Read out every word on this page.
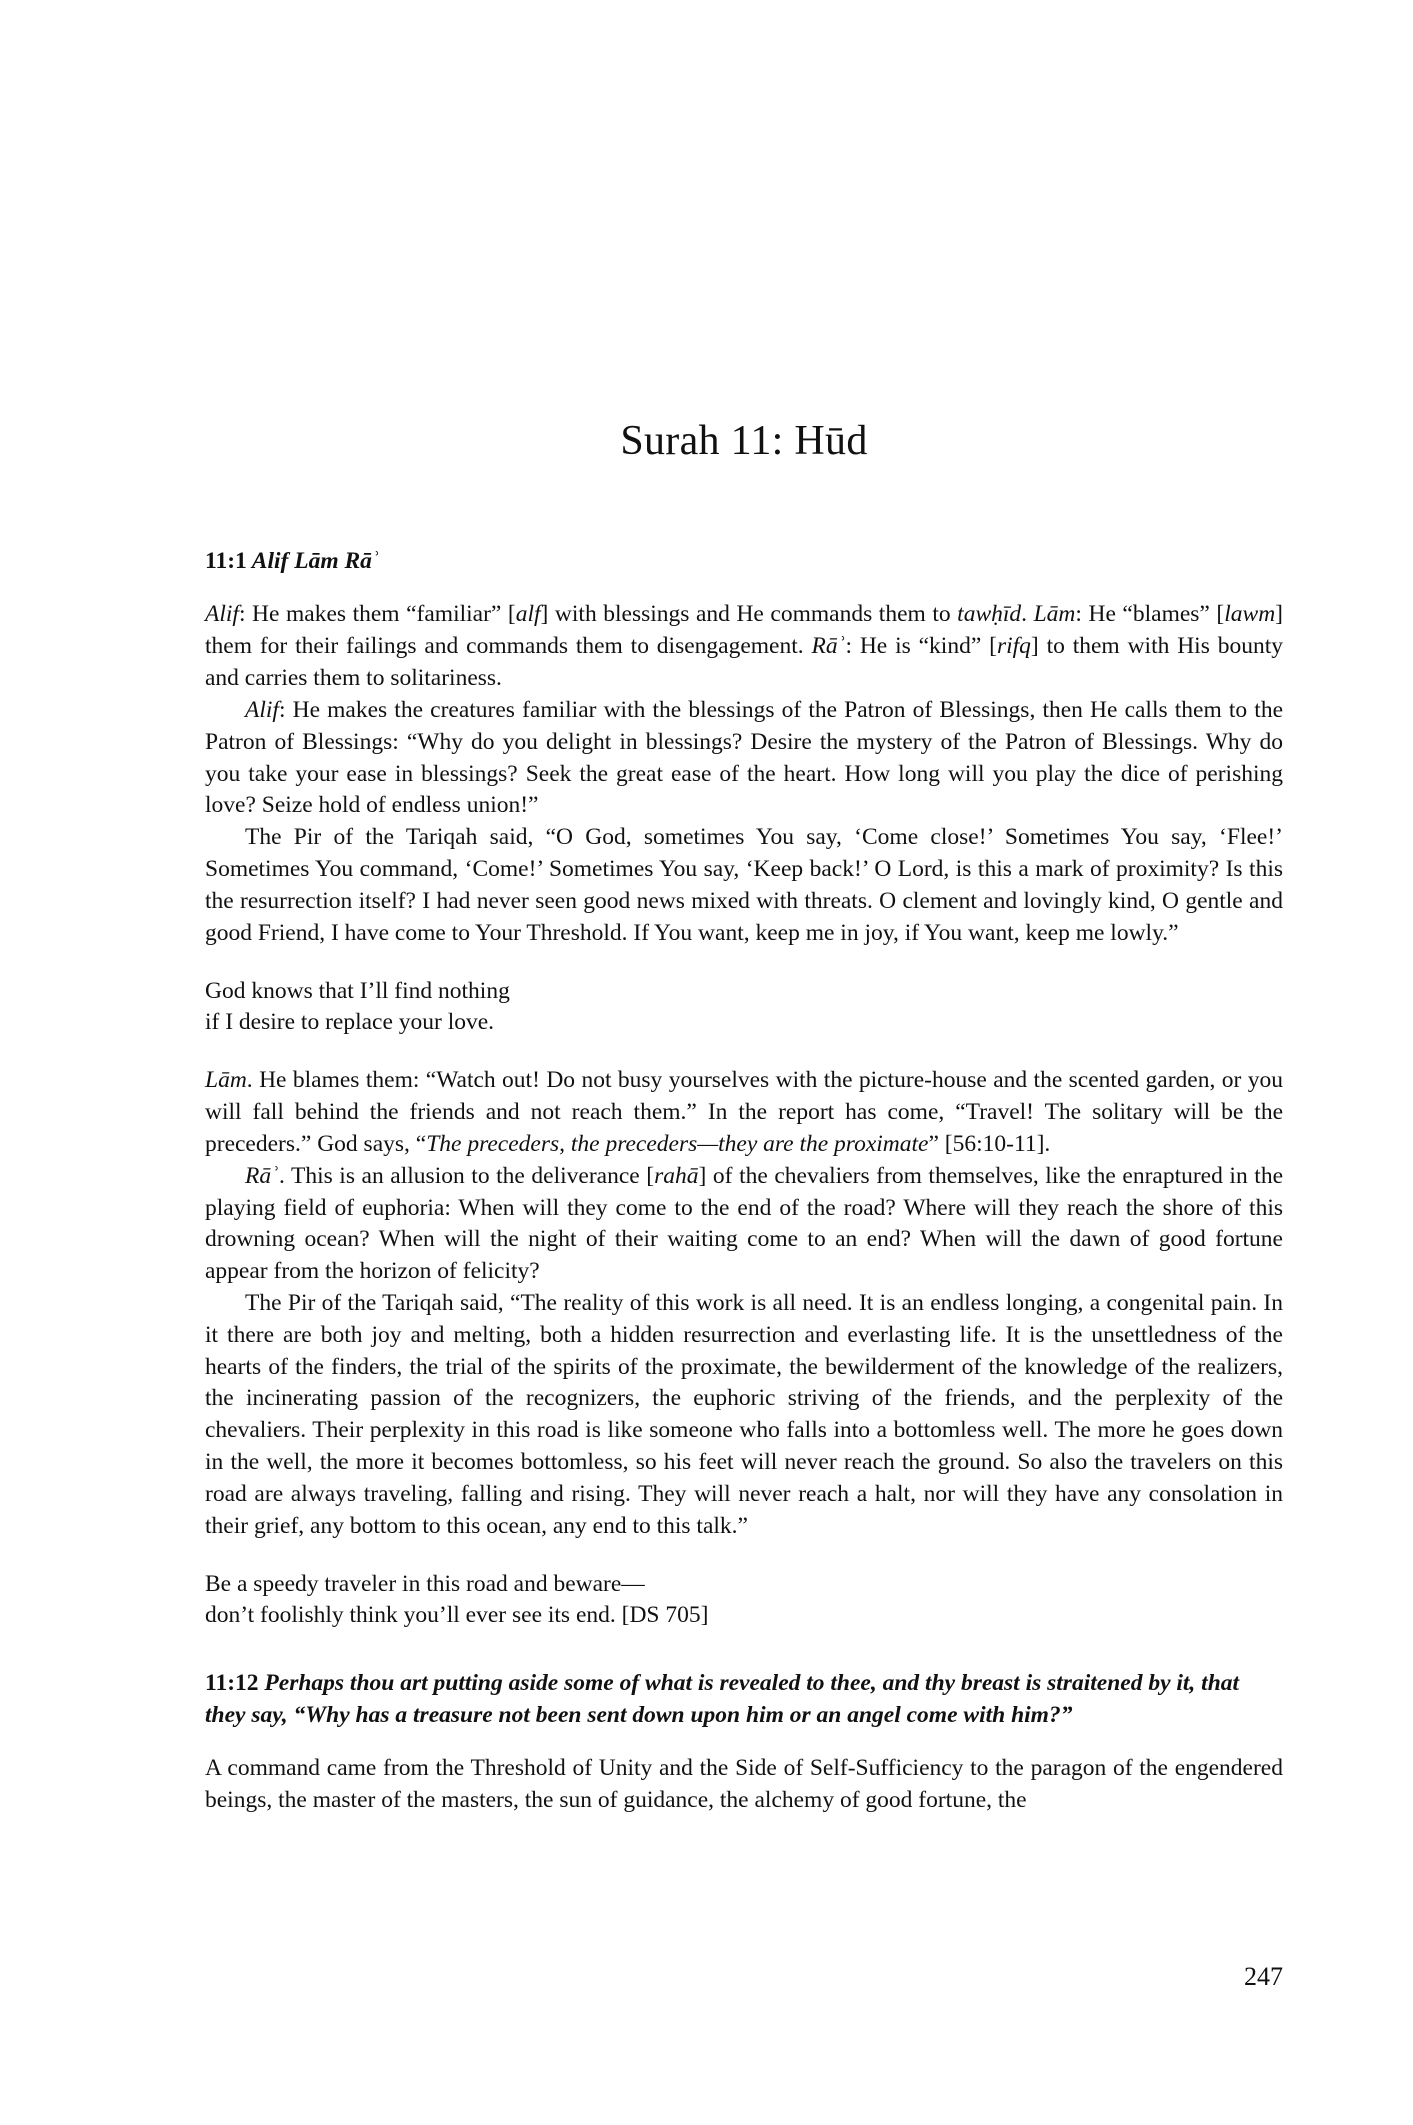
Surah 11: Hūd

11:1 Alif Lām Rāʾ

Alif: He makes them “familiar” [alf] with blessings and He commands them to tawḥīd. Lām: He “blames” [lawm] them for their failings and commands them to disengagement. Rāʾ: He is “kind” [rifq] to them with His bounty and carries them to solitariness.

Alif: He makes the creatures familiar with the blessings of the Patron of Blessings, then He calls them to the Patron of Blessings: “Why do you delight in blessings? Desire the mystery of the Patron of Blessings. Why do you take your ease in blessings? Seek the great ease of the heart. How long will you play the dice of perishing love? Seize hold of endless union!”

The Pir of the Tariqah said, “O God, sometimes You say, ‘Come close!’ Sometimes You say, ‘Flee!’ Sometimes You command, ‘Come!’ Sometimes You say, ‘Keep back!’ O Lord, is this a mark of proximity? Is this the resurrection itself? I had never seen good news mixed with threats. O clement and lovingly kind, O gentle and good Friend, I have come to Your Threshold. If You want, keep me in joy, if You want, keep me lowly.”

God knows that I’ll find nothing
if I desire to replace your love.

Lām. He blames them: “Watch out! Do not busy yourselves with the picture-house and the scented garden, or you will fall behind the friends and not reach them.” In the report has come, “Travel! The solitary will be the preceders.” God says, “The preceders, the preceders—they are the proximate” [56:10-11].

Rāʾ. This is an allusion to the deliverance [rahā] of the chevaliers from themselves, like the enraptured in the playing field of euphoria: When will they come to the end of the road? Where will they reach the shore of this drowning ocean? When will the night of their waiting come to an end? When will the dawn of good fortune appear from the horizon of felicity?

The Pir of the Tariqah said, “The reality of this work is all need. It is an endless longing, a congenital pain. In it there are both joy and melting, both a hidden resurrection and everlasting life. It is the unsettledness of the hearts of the finders, the trial of the spirits of the proximate, the bewilderment of the knowledge of the realizers, the incinerating passion of the recognizers, the euphoric striving of the friends, and the perplexity of the chevaliers. Their perplexity in this road is like someone who falls into a bottomless well. The more he goes down in the well, the more it becomes bottomless, so his feet will never reach the ground. So also the travelers on this road are always traveling, falling and rising. They will never reach a halt, nor will they have any consolation in their grief, any bottom to this ocean, any end to this talk.”

Be a speedy traveler in this road and beware—
don’t foolishly think you’ll ever see its end. [DS 705]

11:12 Perhaps thou art putting aside some of what is revealed to thee, and thy breast is straitened by it, that they say, “Why has a treasure not been sent down upon him or an angel come with him?”

A command came from the Threshold of Unity and the Side of Self-Sufficiency to the paragon of the engendered beings, the master of the masters, the sun of guidance, the alchemy of good fortune, the

247
